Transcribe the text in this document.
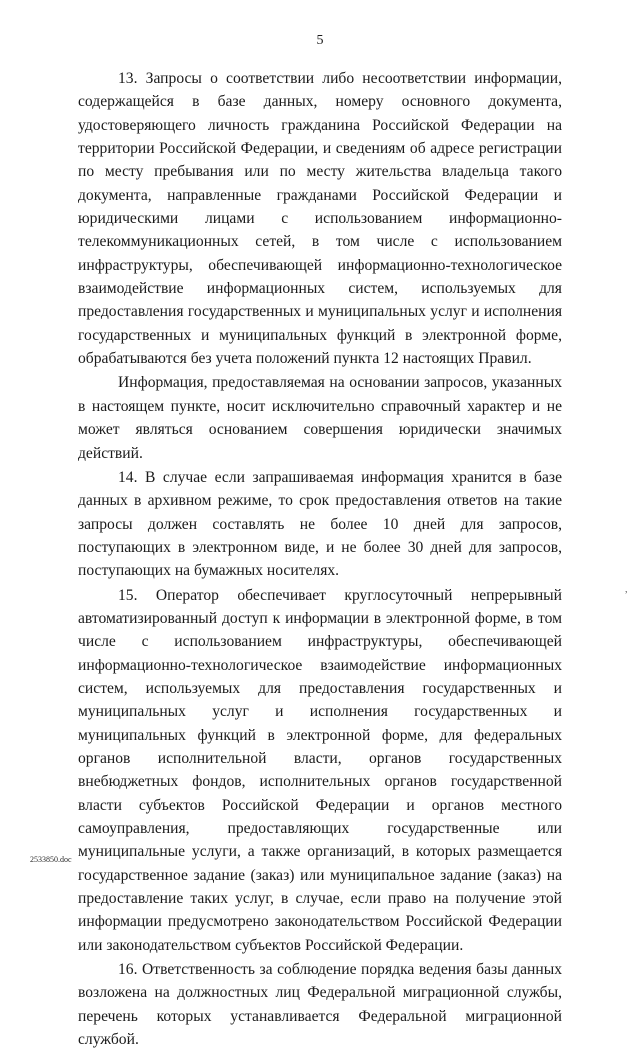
5

13. Запросы о соответствии либо несоответствии информации, содержащейся в базе данных, номеру основного документа, удостоверяющего личность гражданина Российской Федерации на территории Российской Федерации, и сведениям об адресе регистрации по месту пребывания или по месту жительства владельца такого документа, направленные гражданами Российской Федерации и юридическими лицами с использованием информационно-телекоммуникационных сетей, в том числе с использованием инфраструктуры, обеспечивающей информационно-технологическое взаимодействие информационных систем, используемых для предоставления государственных и муниципальных услуг и исполнения государственных и муниципальных функций в электронной форме, обрабатываются без учета положений пункта 12 настоящих Правил.

Информация, предоставляемая на основании запросов, указанных в настоящем пункте, носит исключительно справочный характер и не может являться основанием совершения юридически значимых действий.

14. В случае если запрашиваемая информация хранится в базе данных в архивном режиме, то срок предоставления ответов на такие запросы должен составлять не более 10 дней для запросов, поступающих в электронном виде, и не более 30 дней для запросов, поступающих на бумажных носителях.

15. Оператор обеспечивает круглосуточный непрерывный автоматизированный доступ к информации в электронной форме, в том числе с использованием инфраструктуры, обеспечивающей информационно-технологическое взаимодействие информационных систем, используемых для предоставления государственных и муниципальных услуг и исполнения государственных и муниципальных функций в электронной форме, для федеральных органов исполнительной власти, органов государственных внебюджетных фондов, исполнительных органов государственной власти субъектов Российской Федерации и органов местного самоуправления, предоставляющих государственные или муниципальные услуги, а также организаций, в которых размещается государственное задание (заказ) или муниципальное задание (заказ) на предоставление таких услуг, в случае, если право на получение этой информации предусмотрено законодательством Российской Федерации или законодательством субъектов Российской Федерации.

16. Ответственность за соблюдение порядка ведения базы данных возложена на должностных лиц Федеральной миграционной службы, перечень которых устанавливается Федеральной миграционной службой.

,
2533850.doc
